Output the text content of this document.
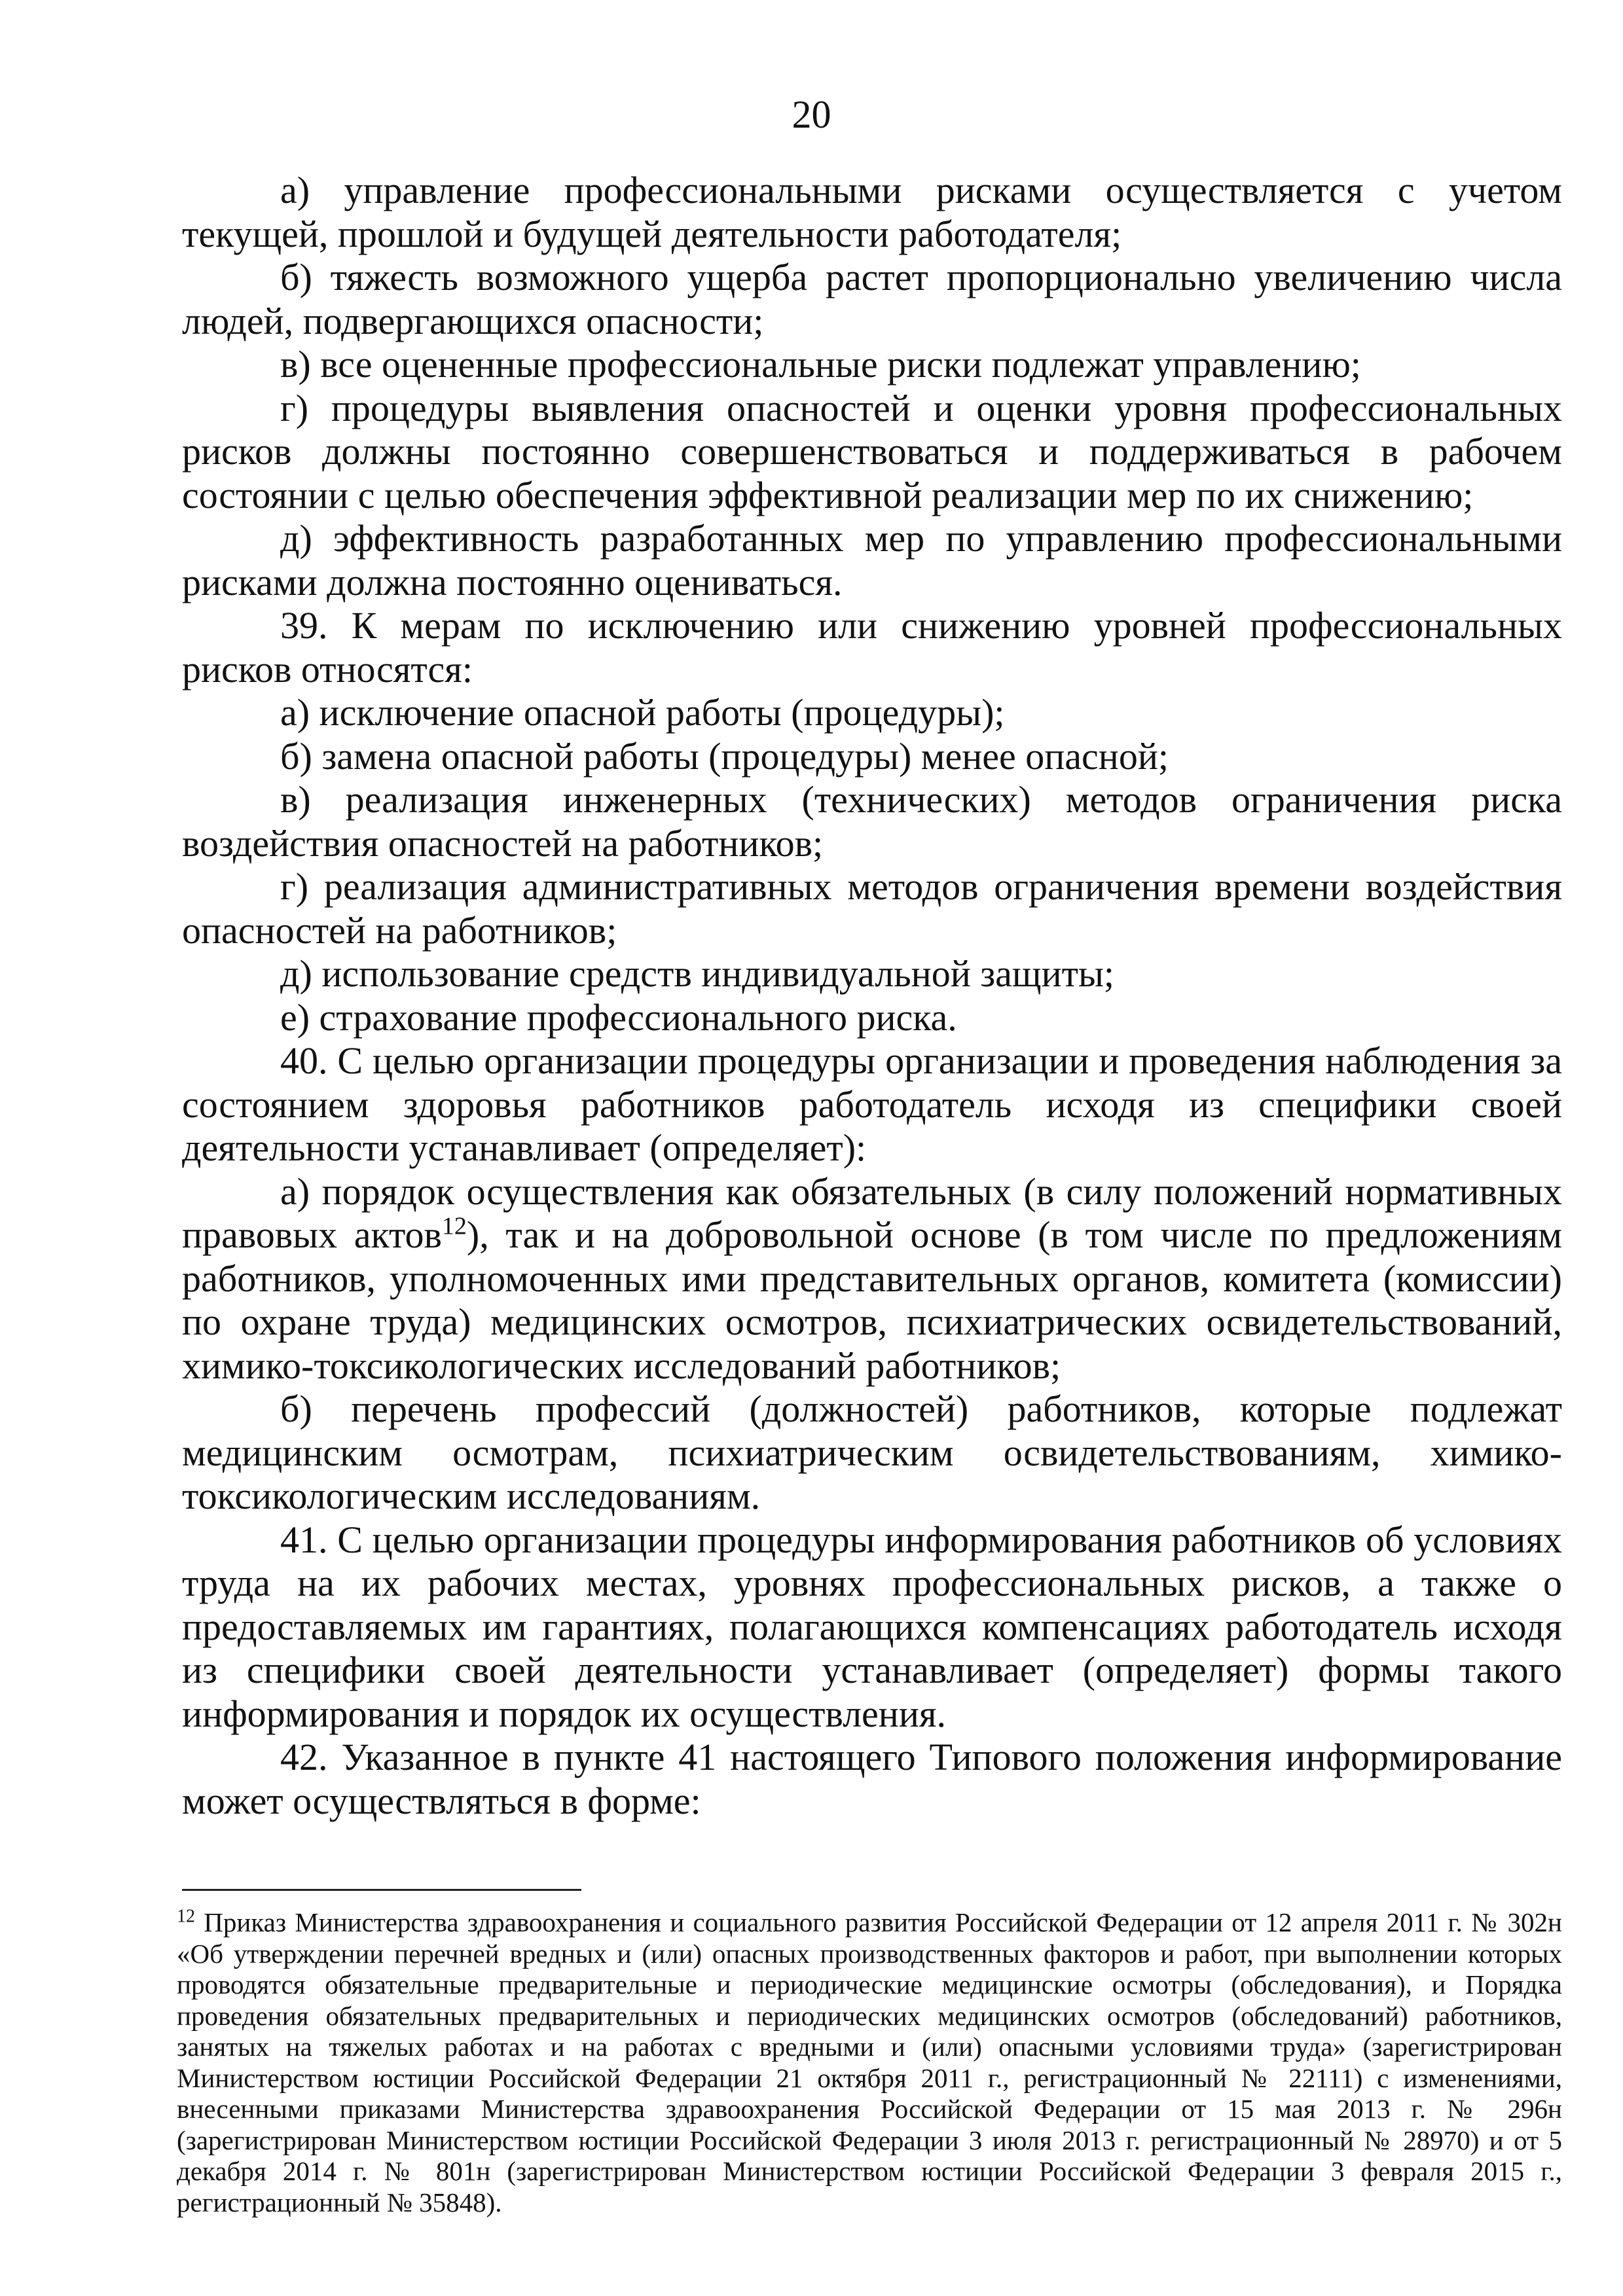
20

а) управление профессиональными рисками осуществляется с учетом текущей, прошлой и будущей деятельности работодателя;

б) тяжесть возможного ущерба растет пропорционально увеличению числа людей, подвергающихся опасности;

в) все оцененные профессиональные риски подлежат управлению;

г) процедуры выявления опасностей и оценки уровня профессиональных рисков должны постоянно совершенствоваться и поддерживаться в рабочем состоянии с целью обеспечения эффективной реализации мер по их снижению;

д) эффективность разработанных мер по управлению профессиональными рисками должна постоянно оцениваться.

39. К мерам по исключению или снижению уровней профессиональных рисков относятся:

а) исключение опасной работы (процедуры);

б) замена опасной работы (процедуры) менее опасной;

в) реализация инженерных (технических) методов ограничения риска воздействия опасностей на работников;

г) реализация административных методов ограничения времени воздействия опасностей на работников;

д) использование средств индивидуальной защиты;

е) страхование профессионального риска.

40. С целью организации процедуры организации и проведения наблюдения за состоянием здоровья работников работодатель исходя из специфики своей деятельности устанавливает (определяет):

а) порядок осуществления как обязательных (в силу положений нормативных правовых актов$^{12}$), так и на добровольной основе (в том числе по предложениям работников, уполномоченных ими представительных органов, комитета (комиссии) по охране труда) медицинских осмотров, психиатрических освидетельствований, химико-токсикологических исследований работников;

б) перечень профессий (должностей) работников, которые подлежат медицинским осмотрам, психиатрическим освидетельствованиям, химико-токсикологическим исследованиям.

41. С целью организации процедуры информирования работников об условиях труда на их рабочих местах, уровнях профессиональных рисков, а также о предоставляемых им гарантиях, полагающихся компенсациях работодатель исходя из специфики своей деятельности устанавливает (определяет) формы такого информирования и порядок их осуществления.

42. Указанное в пункте 41 настоящего Типового положения информирование может осуществляться в форме:

$^{12}$ Приказ Министерства здравоохранения и социального развития Российской Федерации от 12 апреля 2011 г. № 302н «Об утверждении перечней вредных и (или) опасных производственных факторов и работ, при выполнении которых проводятся обязательные предварительные и периодические медицинские осмотры (обследования), и Порядка проведения обязательных предварительных и периодических медицинских осмотров (обследований) работников, занятых на тяжелых работах и на работах с вредными и (или) опасными условиями труда» (зарегистрирован Министерством юстиции Российской Федерации 21 октября 2011 г., регистрационный № 22111) с изменениями, внесенными приказами Министерства здравоохранения Российской Федерации от 15 мая 2013 г. № 296н (зарегистрирован Министерством юстиции Российской Федерации 3 июля 2013 г. регистрационный № 28970) и от 5 декабря 2014 г. № 801н (зарегистрирован Министерством юстиции Российской Федерации 3 февраля 2015 г., регистрационный № 35848).
